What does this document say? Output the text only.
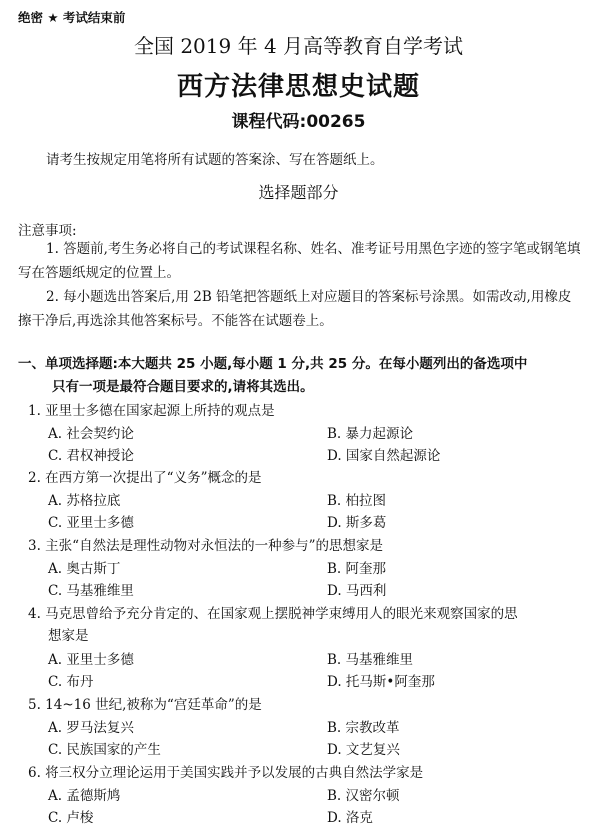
绝密 ★ 考试结束前
全国 2019 年 4 月高等教育自学考试
西方法律思想史试题
课程代码:00265
请考生按规定用笔将所有试题的答案涂、写在答题纸上。
选择题部分
注意事项:
1. 答题前,考生务必将自己的考试课程名称、姓名、准考证号用黑色字迹的签字笔或钢笔填写在答题纸规定的位置上。
2. 每小题选出答案后,用 2B 铅笔把答题纸上对应题目的答案标号涂黑。如需改动,用橡皮擦干净后,再选涂其他答案标号。不能答在试题卷上。
一、单项选择题:本大题共 25 小题,每小题 1 分,共 25 分。在每小题列出的备选项中
只有一项是最符合题目要求的,请将其选出。
1. 亚里士多德在国家起源上所持的观点是
A. 社会契约论	B. 暴力起源论
C. 君权神授论	D. 国家自然起源论
2. 在西方第一次提出了“义务”概念的是
A. 苏格拉底	B. 柏拉图
C. 亚里士多德	D. 斯多葛
3. 主张“自然法是理性动物对永恒法的一种参与”的思想家是
A. 奥古斯丁	B. 阿奎那
C. 马基雅维里	D. 马西利
4. 马克思曾给予充分肯定的、在国家观上摆脱神学束缚用人的眼光来观察国家的思
想家是
A. 亚里士多德	B. 马基雅维里
C. 布丹	D. 托马斯•阿奎那
5. 14~16 世纪,被称为“宫廷革命”的是
A. 罗马法复兴	B. 宗教改革
C. 民族国家的产生	D. 文艺复兴
6. 将三权分立理论运用于美国实践并予以发展的古典自然法学家是
A. 孟德斯鸠	B. 汉密尔顿
C. 卢梭	D. 洛克
